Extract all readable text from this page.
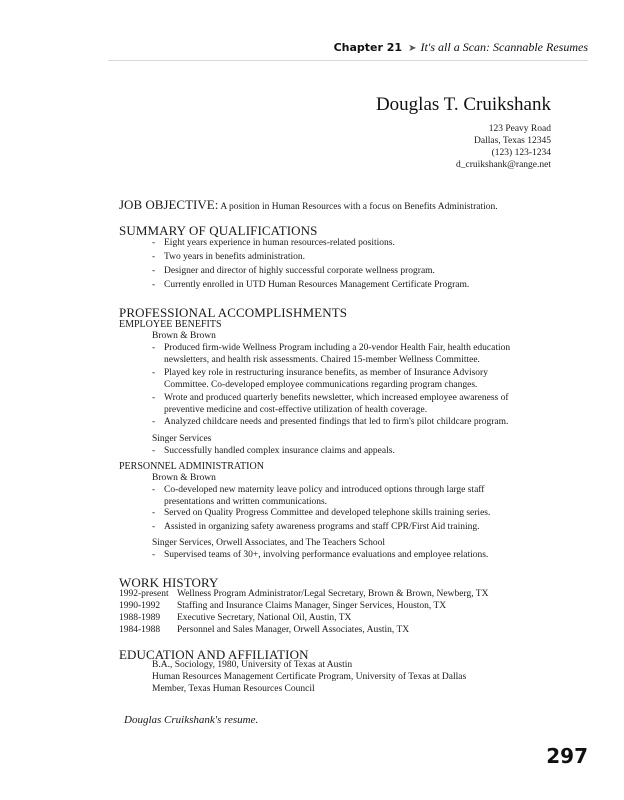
Chapter 21 ➤ It's all a Scan: Scannable Resumes
Douglas T. Cruikshank
123 Peavy Road
Dallas, Texas 12345
(123) 123-1234
d_cruikshank@range.net
JOB OBJECTIVE: A position in Human Resources with a focus on Benefits Administration.
SUMMARY OF QUALIFICATIONS
- Eight years experience in human resources-related positions.
- Two years in benefits administration.
- Designer and director of highly successful corporate wellness program.
- Currently enrolled in UTD Human Resources Management Certificate Program.
PROFESSIONAL ACCOMPLISHMENTS
EMPLOYEE BENEFITS
Brown & Brown
- Produced firm-wide Wellness Program including a 20-vendor Health Fair, health education
newsletters, and health risk assessments. Chaired 15-member Wellness Committee.
- Played key role in restructuring insurance benefits, as member of Insurance Advisory
Committee. Co-developed employee communications regarding program changes.
- Wrote and produced quarterly benefits newsletter, which increased employee awareness of
preventive medicine and cost-effective utilization of health coverage.
- Analyzed childcare needs and presented findings that led to firm's pilot childcare program.
Singer Services
- Successfully handled complex insurance claims and appeals.
PERSONNEL ADMINISTRATION
Brown & Brown
- Co-developed new maternity leave policy and introduced options through large staff
presentations and written communications.
- Served on Quality Progress Committee and developed telephone skills training series.
- Assisted in organizing safety awareness programs and staff CPR/First Aid training.
Singer Services, Orwell Associates, and The Teachers School
- Supervised teams of 30+, involving performance evaluations and employee relations.
WORK HISTORY
1992-present Wellness Program Administrator/Legal Secretary, Brown & Brown, Newberg, TX
1990-1992 Staffing and Insurance Claims Manager, Singer Services, Houston, TX
1988-1989 Executive Secretary, National Oil, Austin, TX
1984-1988 Personnel and Sales Manager, Orwell Associates, Austin, TX
EDUCATION AND AFFILIATION
B.A., Sociology, 1980, University of Texas at Austin
Human Resources Management Certificate Program, University of Texas at Dallas
Member, Texas Human Resources Council
Douglas Cruikshank's resume.
297
